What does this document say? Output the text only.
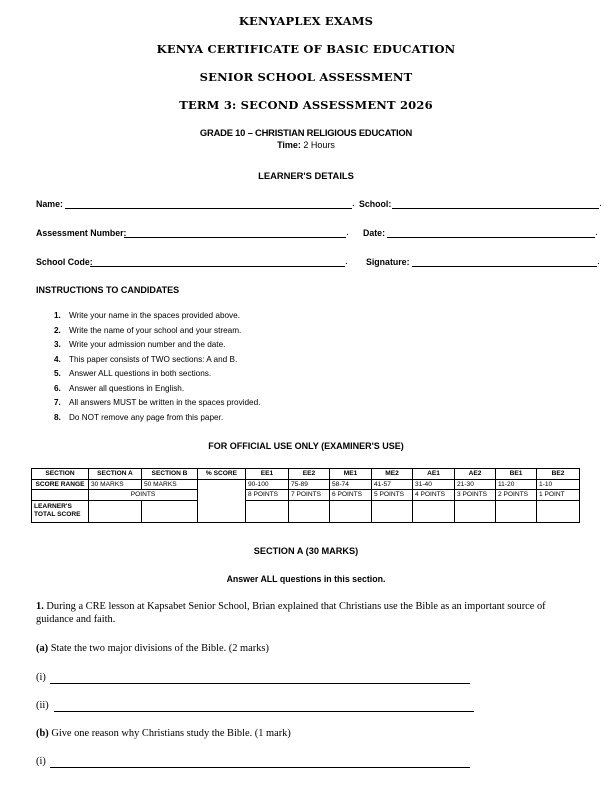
KENYAPLEX EXAMS
KENYA CERTIFICATE OF BASIC EDUCATION
SENIOR SCHOOL ASSESSMENT
TERM 3: SECOND ASSESSMENT 2026
GRADE 10 – CHRISTIAN RELIGIOUS EDUCATION
Time: 2 Hours
LEARNER'S DETAILS
Name:	. School:	.
Assessment Number:	. Date:	.
School Code:	. Signature:	.
INSTRUCTIONS TO CANDIDATES
1. Write your name in the spaces provided above.
2. Write the name of your school and your stream.
3. Write your admission number and the date.
4. This paper consists of TWO sections: A and B.
5. Answer ALL questions in both sections.
6. Answer all questions in English.
7. All answers MUST be written in the spaces provided.
8. Do NOT remove any page from this paper.
FOR OFFICIAL USE ONLY (EXAMINER'S USE)
SECTION	SECTION A	SECTION B	% SCORE	EE1	EE2	ME1	ME2	AE1	AE2	BE1	BE2
SCORE RANGE	30 MARKS	50 MARKS		90-100	75-89	58-74	41-57	31-40	21-30	11-20	1-10
	POINTS			8 POINTS	7 POINTS	6 POINTS	5 POINTS	4 POINTS	3 POINTS	2 POINTS	1 POINT
LEARNER'S TOTAL SCORE											
SECTION A (30 MARKS)
Answer ALL questions in this section.
1. During a CRE lesson at Kapsabet Senior School, Brian explained that Christians use the Bible as an important source of guidance and faith.
(a) State the two major divisions of the Bible. (2 marks)
(i)
(ii)
(b) Give one reason why Christians study the Bible. (1 mark)
(i)
